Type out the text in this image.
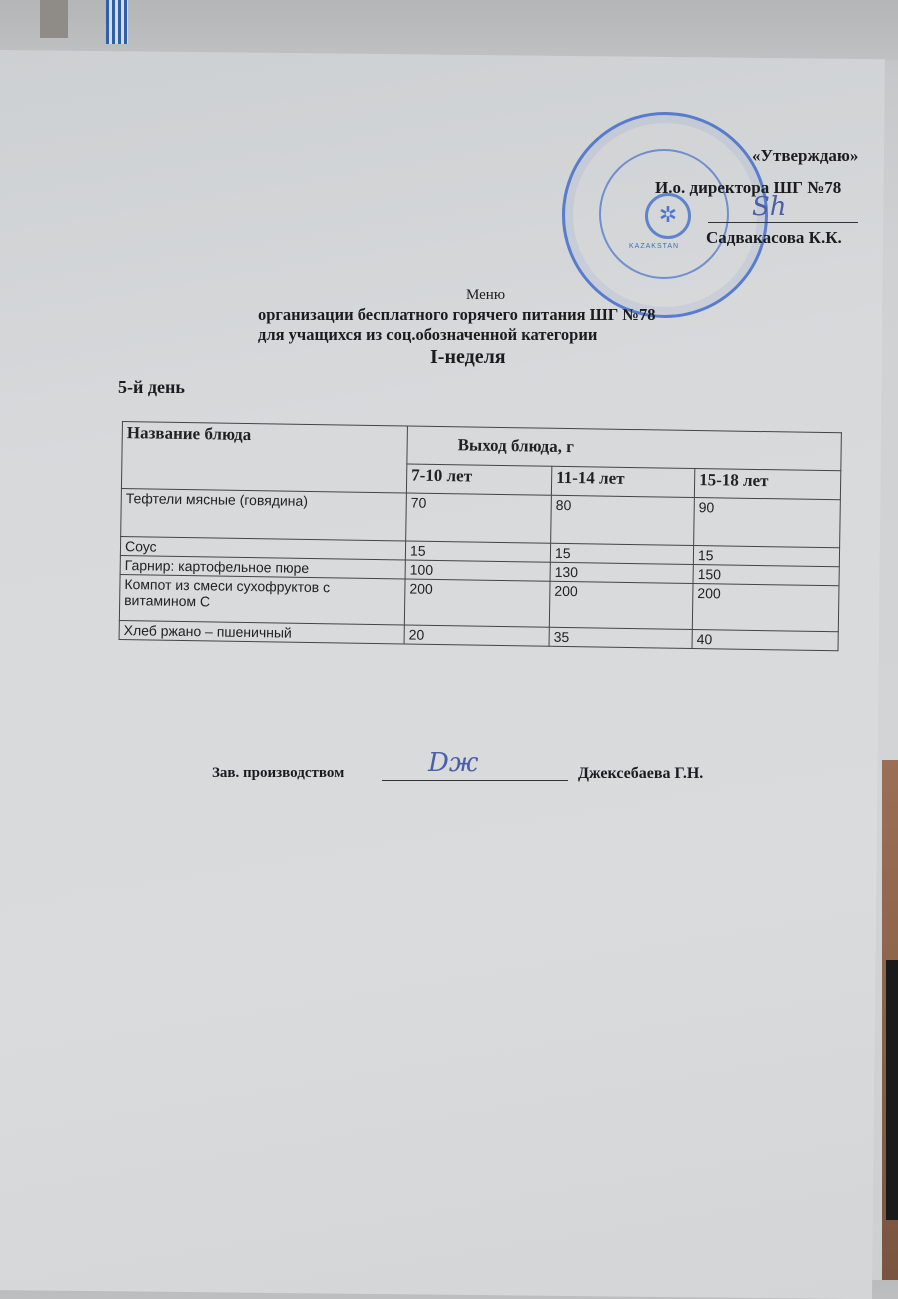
✲
KAZAKSTAN
«Утверждаю»
И.о. директора ШГ №78
Sh
Садвакасова К.К.
Меню
организации бесплатного горячего питания ШГ №78
для учащихся из соц.обозначенной категории
I-неделя
5-й день
Название блюда	Выход блюда, г		
	7-10 лет	11-14 лет	15-18 лет
Тефтели мясные (говядина)	70	80	90
Соус	15	15	15
Гарнир: картофельное пюре	100	130	150
Компот из смеси сухофруктов с витамином С	200	200	200
Хлеб ржано – пшеничный	20	35	40
Зав. производством	Dж	Джексебаева Г.Н.
